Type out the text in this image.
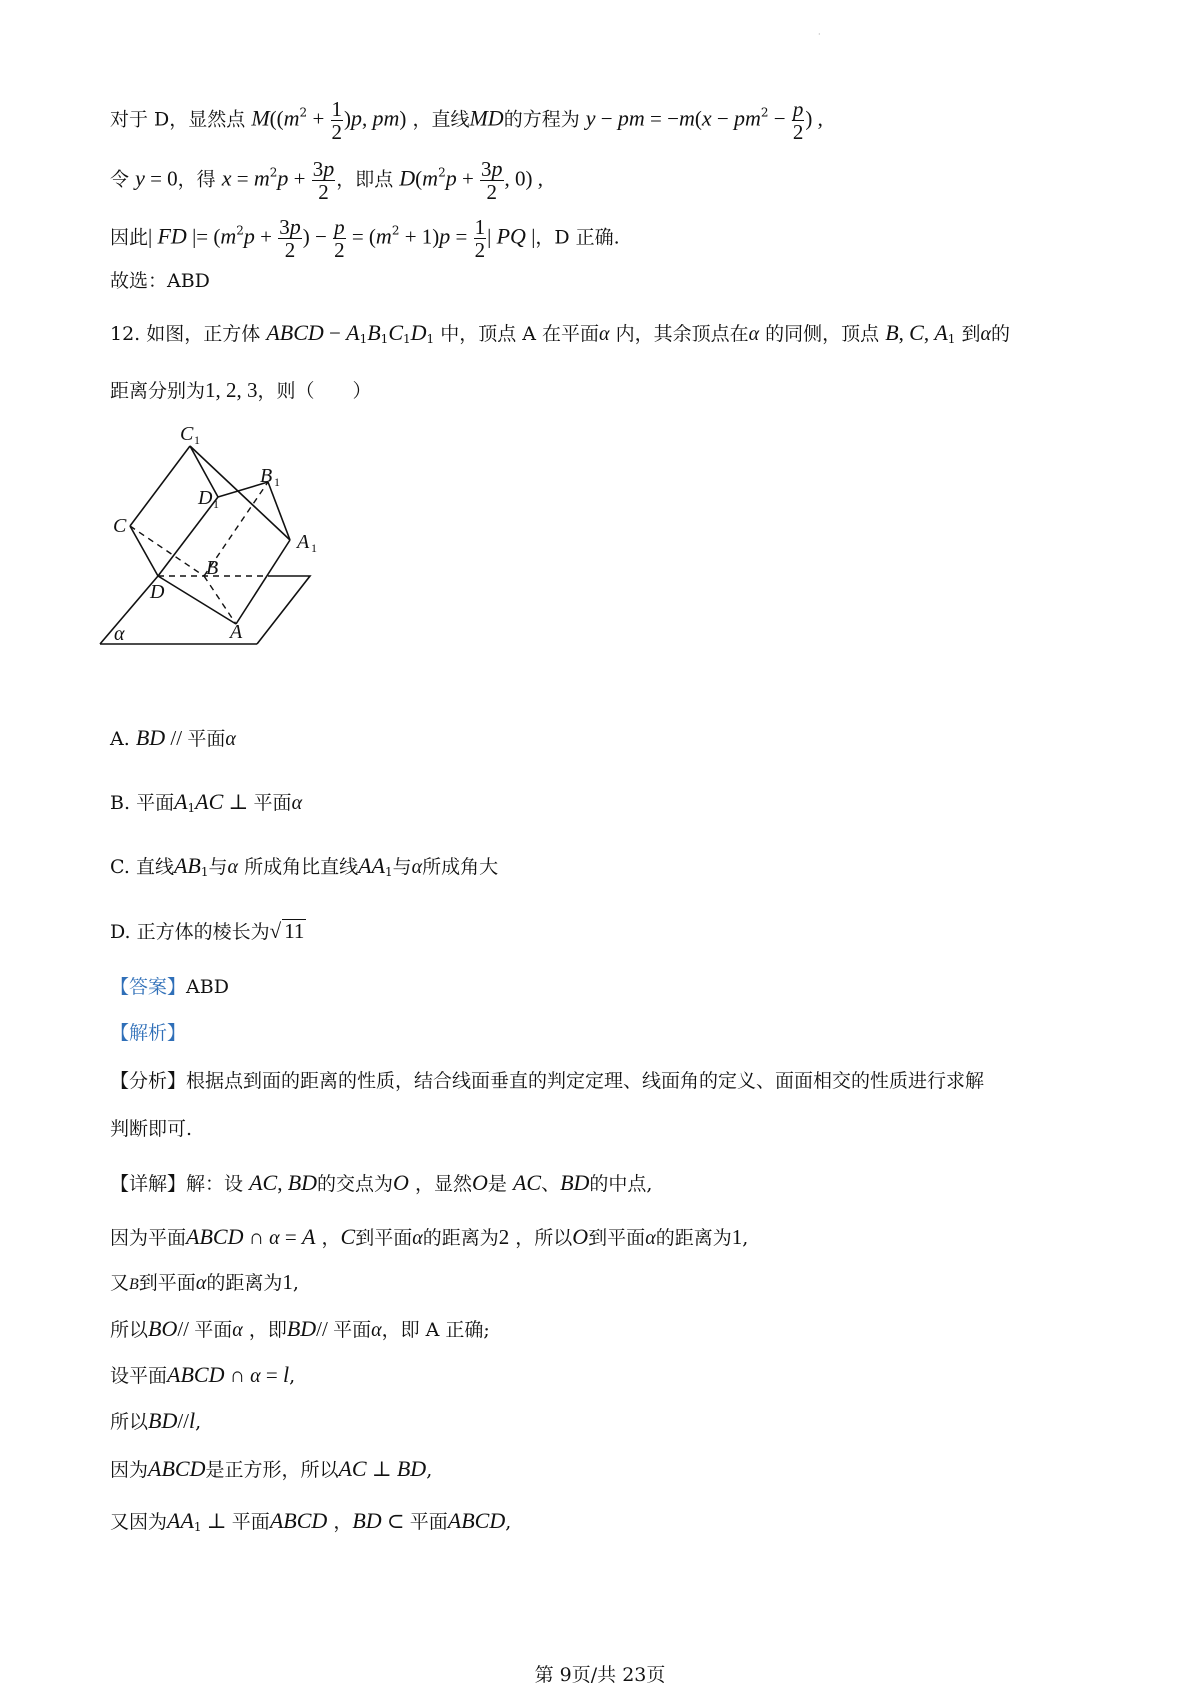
·
对于 D，显然点 $M((m^2 + \frac{1}{2} )p$, pm) ，直线MD的方程为 y − pm = $-m(x - pm^2 - \frac{p}{2}$ ) ,
令 y = 0，得 $x = m^2p + \frac{3p}{2}$ ，即点 $D(m^2p + \frac{3p}{2}$ , 0) ,
因此| FD |= ($m^2p + \frac{3p}{2}$ ) − $\frac{p}{2} = (m^2 + 1)p = \frac{1}{2}$ | PQ |，D 正确.
故选：ABD
12. 如图，正方体 ABCD − $A_1B_1C_1D_1$ 中，顶点 A 在平面α 内，其余顶点在α 的同侧，顶点 B, C, $A_1$ 到α的
距离分别为1, 2, 3，则（　　）
C 1
B 1
D 1
C
A 1
B
D
A
α
A. BD // 平面α
B. 平面$A_1AC$ ⊥ 平面α
C. 直线$AB_1$与α 所成角比直线$AA_1$与α所成角大
D. 正方体的棱长为√ 11
【答案】ABD
【解析】
【分析】根据点到面的距离的性质，结合线面垂直的判定定理、线面角的定义、面面相交的性质进行求解
判断即可.
【详解】解：设 AC, BD的交点为O ，显然O是 AC、BD的中点,
因为平面ABCD ∩ α = A ，C到平面α的距离为2 ，所以O到平面α的距离为1,
又B到平面α的距离为1,
所以BO// 平面α ，即BD// 平面α，即 A 正确;
设平面ABCD ∩ α = l,
所以BD//l,
因为ABCD是正方形，所以AC ⊥ BD,
又因为$AA_1$ ⊥ 平面ABCD ，BD ⊂ 平面ABCD,
第 9页/共 23页
